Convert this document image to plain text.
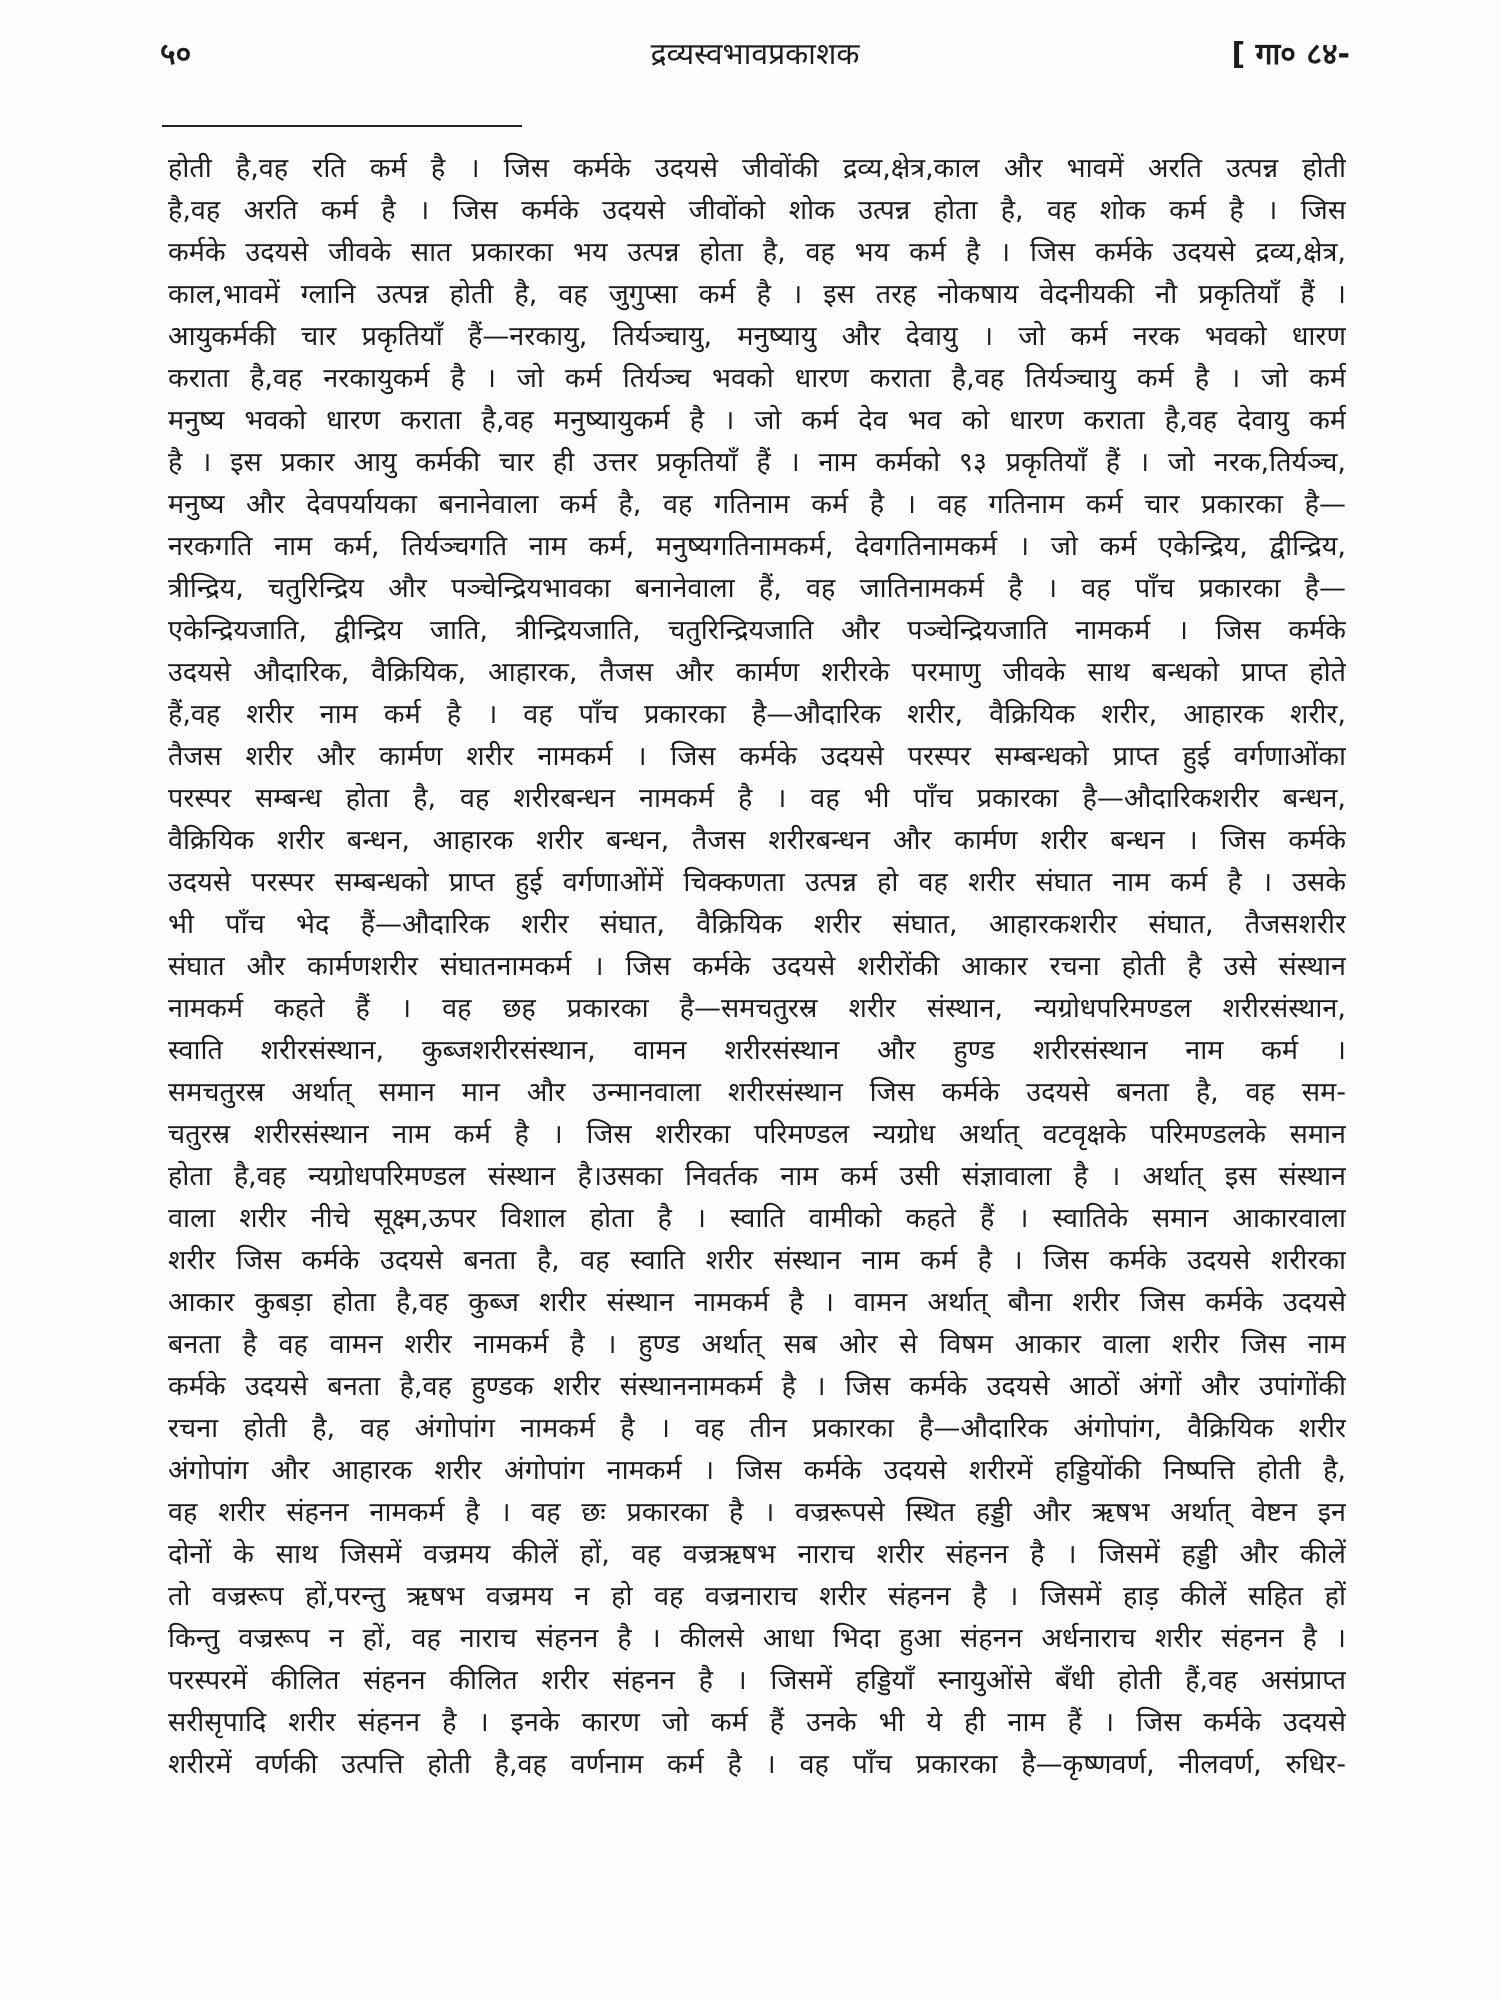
५०	द्रव्यस्वभावप्रकाशक	[ गा० ८४-
होती है,वह रति कर्म है । जिस कर्मके उदयसे जीवोंकी द्रव्य,क्षेत्र,काल और भावमें अरति उत्पन्न होती
है,वह अरति कर्म है । जिस कर्मके उदयसे जीवोंको शोक उत्पन्न होता है, वह शोक कर्म है । जिस
कर्मके उदयसे जीवके सात प्रकारका भय उत्पन्न होता है, वह भय कर्म है । जिस कर्मके उदयसे द्रव्य,क्षेत्र,
काल,भावमें ग्लानि उत्पन्न होती है, वह जुगुप्सा कर्म है । इस तरह नोकषाय वेदनीयकी नौ प्रकृतियाँ हैं ।
आयुकर्मकी चार प्रकृतियाँ हैं—नरकायु, तिर्यञ्चायु, मनुष्यायु और देवायु । जो कर्म नरक भवको धारण
कराता है,वह नरकायुकर्म है । जो कर्म तिर्यञ्च भवको धारण कराता है,वह तिर्यञ्चायु कर्म है । जो कर्म
मनुष्य भवको धारण कराता है,वह मनुष्यायुकर्म है । जो कर्म देव भव को धारण कराता है,वह देवायु कर्म
है । इस प्रकार आयु कर्मकी चार ही उत्तर प्रकृतियाँ हैं । नाम कर्मको ९३ प्रकृतियाँ हैं । जो नरक,तिर्यञ्च,
मनुष्य और देवपर्यायका बनानेवाला कर्म है, वह गतिनाम कर्म है । वह गतिनाम कर्म चार प्रकारका है—
नरकगति नाम कर्म, तिर्यञ्चगति नाम कर्म, मनुष्यगतिनामकर्म, देवगतिनामकर्म । जो कर्म एकेन्द्रिय, द्वीन्द्रिय,
त्रीन्द्रिय, चतुरिन्द्रिय और पञ्चेन्द्रियभावका बनानेवाला हैं, वह जातिनामकर्म है । वह पाँच प्रकारका है—
एकेन्द्रियजाति, द्वीन्द्रिय जाति, त्रीन्द्रियजाति, चतुरिन्द्रियजाति और पञ्चेन्द्रियजाति नामकर्म । जिस कर्मके
उदयसे औदारिक, वैक्रियिक, आहारक, तैजस और कार्मण शरीरके परमाणु जीवके साथ बन्धको प्राप्त होते
हैं,वह शरीर नाम कर्म है । वह पाँच प्रकारका है—औदारिक शरीर, वैक्रियिक शरीर, आहारक शरीर,
तैजस शरीर और कार्मण शरीर नामकर्म । जिस कर्मके उदयसे परस्पर सम्बन्धको प्राप्त हुई वर्गणाओंका
परस्पर सम्बन्ध होता है, वह शरीरबन्धन नामकर्म है । वह भी पाँच प्रकारका है—औदारिकशरीर बन्धन,
वैक्रियिक शरीर बन्धन, आहारक शरीर बन्धन, तैजस शरीरबन्धन और कार्मण शरीर बन्धन । जिस कर्मके
उदयसे परस्पर सम्बन्धको प्राप्त हुई वर्गणाओंमें चिक्कणता उत्पन्न हो वह शरीर संघात नाम कर्म है । उसके
भी पाँच भेद हैं—औदारिक शरीर संघात, वैक्रियिक शरीर संघात, आहारकशरीर संघात, तैजसशरीर
संघात और कार्मणशरीर संघातनामकर्म । जिस कर्मके उदयसे शरीरोंकी आकार रचना होती है उसे संस्थान
नामकर्म कहते हैं । वह छह प्रकारका है—समचतुरस्र शरीर संस्थान, न्यग्रोधपरिमण्डल शरीरसंस्थान,
स्वाति शरीरसंस्थान, कुब्जशरीरसंस्थान, वामन शरीरसंस्थान और हुण्ड शरीरसंस्थान नाम कर्म ।
समचतुरस्र अर्थात् समान मान और उन्मानवाला शरीरसंस्थान जिस कर्मके उदयसे बनता है, वह सम-
चतुरस्र शरीरसंस्थान नाम कर्म है । जिस शरीरका परिमण्डल न्यग्रोध अर्थात् वटवृक्षके परिमण्डलके समान
होता है,वह न्यग्रोधपरिमण्डल संस्थान है।उसका निवर्तक नाम कर्म उसी संज्ञावाला है । अर्थात् इस संस्थान
वाला शरीर नीचे सूक्ष्म,ऊपर विशाल होता है । स्वाति वामीको कहते हैं । स्वातिके समान आकारवाला
शरीर जिस कर्मके उदयसे बनता है, वह स्वाति शरीर संस्थान नाम कर्म है । जिस कर्मके उदयसे शरीरका
आकार कुबड़ा होता है,वह कुब्ज शरीर संस्थान नामकर्म है । वामन अर्थात् बौना शरीर जिस कर्मके उदयसे
बनता है वह वामन शरीर नामकर्म है । हुण्ड अर्थात् सब ओर से विषम आकार वाला शरीर जिस नाम
कर्मके उदयसे बनता है,वह हुण्डक शरीर संस्थाननामकर्म है । जिस कर्मके उदयसे आठों अंगों और उपांगोंकी
रचना होती है, वह अंगोपांग नामकर्म है । वह तीन प्रकारका है—औदारिक अंगोपांग, वैक्रियिक शरीर
अंगोपांग और आहारक शरीर अंगोपांग नामकर्म । जिस कर्मके उदयसे शरीरमें हड्डियोंकी निष्पत्ति होती है,
वह शरीर संहनन नामकर्म है । वह छः प्रकारका है । वज्ररूपसे स्थित हड्डी और ऋषभ अर्थात् वेष्टन इन
दोनों के साथ जिसमें वज्रमय कीलें हों, वह वज्रऋषभ नाराच शरीर संहनन है । जिसमें हड्डी और कीलें
तो वज्ररूप हों,परन्तु ऋषभ वज्रमय न हो वह वज्रनाराच शरीर संहनन है । जिसमें हाड़ कीलें सहित हों
किन्तु वज्ररूप न हों, वह नाराच संहनन है । कीलसे आधा भिदा हुआ संहनन अर्धनाराच शरीर संहनन है ।
परस्परमें कीलित संहनन कीलित शरीर संहनन है । जिसमें हड्डियाँ स्नायुओंसे बँधी होती हैं,वह असंप्राप्त
सरीसृपादि शरीर संहनन है । इनके कारण जो कर्म हैं उनके भी ये ही नाम हैं । जिस कर्मके उदयसे
शरीरमें वर्णकी उत्पत्ति होती है,वह वर्णनाम कर्म है । वह पाँच प्रकारका है—कृष्णवर्ण, नीलवर्ण, रुधिर-
